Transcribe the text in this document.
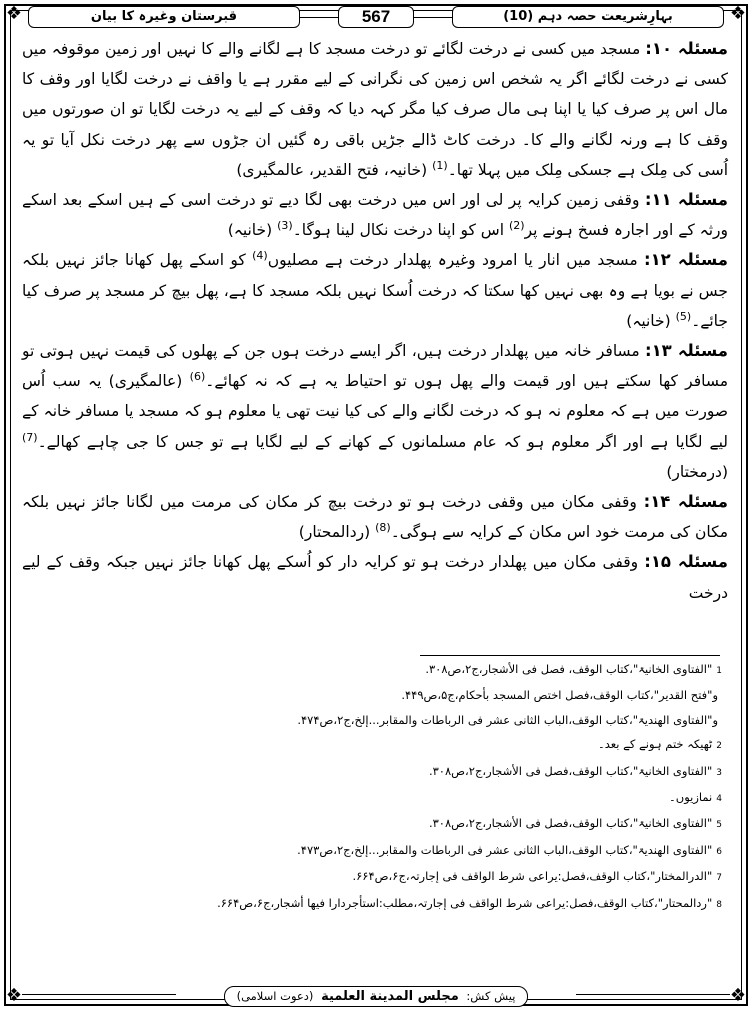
❖	❖
❖	❖
بہارِشریعت حصہ دہم (10)
567
قبرستان وغیرہ کا بیان

مسئلہ ۱۰: مسجد میں کسی نے درخت لگائے تو درخت مسجد کا ہے لگانے والے کا نہیں اور زمین موقوفہ میں کسی نے درخت لگائے اگر یہ شخص اس زمین کی نگرانی کے لیے مقرر ہے یا واقف نے درخت لگایا اور وقف کا مال اس پر صرف کیا یا اپنا ہی مال صرف کیا مگر کہہ دیا کہ وقف کے لیے یہ درخت لگایا تو ان صورتوں میں وقف کا ہے ورنہ لگانے والے کا۔ درخت کاٹ ڈالے جڑیں باقی رہ گئیں ان جڑوں سے پھر درخت نکل آیا تو یہ اُسی کی مِلک ہے جسکی مِلک میں پہلا تھا۔$^{(1)}$ (خانیہ، فتح القدیر، عالمگیری)

مسئلہ ۱۱: وقفی زمین کرایہ پر لی اور اس میں درخت بھی لگا دیے تو درخت اسی کے ہیں اسکے بعد اسکے ورثہ کے اور اجارہ فسخ ہونے پر$^{(2)}$ اس کو اپنا درخت نکال لینا ہوگا۔$^{(3)}$ (خانیہ)

مسئلہ ۱۲: مسجد میں انار یا امرود وغیرہ پھلدار درخت ہے مصلیوں$^{(4)}$ کو اسکے پھل کھانا جائز نہیں بلکہ جس نے بویا ہے وہ بھی نہیں کھا سکتا کہ درخت اُسکا نہیں بلکہ مسجد کا ہے، پھل بیچ کر مسجد پر صرف کیا جائے۔$^{(5)}$ (خانیہ)

مسئلہ ۱۳: مسافر خانہ میں پھلدار درخت ہیں، اگر ایسے درخت ہوں جن کے پھلوں کی قیمت نہیں ہوتی تو مسافر کھا سکتے ہیں اور قیمت والے پھل ہوں تو احتیاط یہ ہے کہ نہ کھائے۔$^{(6)}$ (عالمگیری) یہ سب اُس صورت میں ہے کہ معلوم نہ ہو کہ درخت لگانے والے کی کیا نیت تھی یا معلوم ہو کہ مسجد یا مسافر خانہ کے لیے لگایا ہے اور اگر معلوم ہو کہ عام مسلمانوں کے کھانے کے لیے لگایا ہے تو جس کا جی چاہے کھالے۔$^{(7)}$ (درمختار)

مسئلہ ۱۴: وقفی مکان میں وقفی درخت ہو تو درخت بیچ کر مکان کی مرمت میں لگانا جائز نہیں بلکہ مکان کی مرمت خود اس مکان کے کرایہ سے ہوگی۔$^{(8)}$ (ردالمحتار)

مسئلہ ۱۵: وقفی مکان میں پھلدار درخت ہو تو کرایہ دار کو اُسکے پھل کھانا جائز نہیں جبکہ وقف کے لیے درخت

1"الفتاوی الخانیۃ"،کتاب الوقف، فصل فی الأشجار،ج۲،ص۳۰۸.
و"فتح القدیر"،کتاب الوقف،فصل اختص المسجد بأحکام،ج۵،ص۴۴۹.
و"الفتاوی الھندیۃ"،کتاب الوقف،الباب الثانی عشر فی الرباطات والمقابر...إلخ،ج۲،ص۴۷۴.
2ٹھیکہ ختم ہونے کے بعد۔
3"الفتاوی الخانیۃ"،کتاب الوقف،فصل فی الأشجار،ج۲،ص۳۰۸.
4نمازیوں۔
5"الفتاوی الخانیۃ"،کتاب الوقف،فصل فی الأشجار،ج۲،ص۳۰۸.
6"الفتاوی الھندیۃ"،کتاب الوقف،الباب الثانی عشر فی الرباطات والمقابر...إلخ،ج۲،ص۴۷۳.
7"الدرالمختار"،کتاب الوقف،فصل:یراعی شرط الواقف فی إجارتہ،ج۶،ص۶۶۴.
8"ردالمحتار"،کتاب الوقف،فصل:یراعی شرط الواقف فی إجارتہ،مطلب:استأجردارا فیھا أشجار،ج۶،ص۶۶۴.
پیش کش: مجلس المدينة العلمية (دعوت اسلامی)
